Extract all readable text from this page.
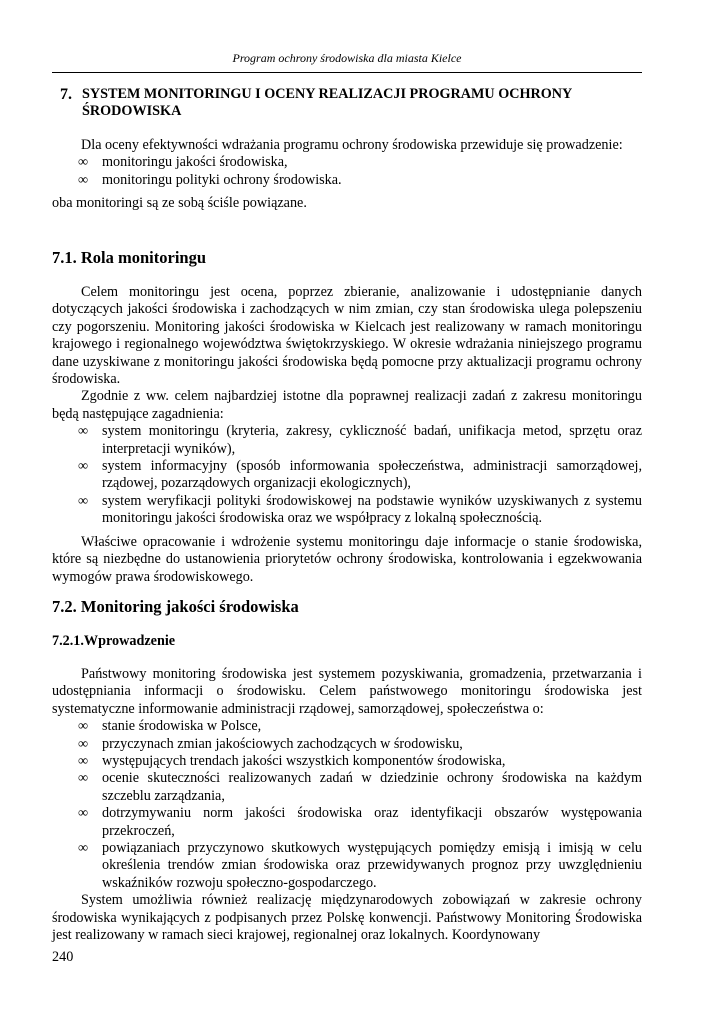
Program ochrony środowiska dla miasta Kielce
7. SYSTEM MONITORINGU I OCENY REALIZACJI PROGRAMU OCHRONY ŚRODOWISKA

Dla oceny efektywności wdrażania programu ochrony środowiska przewiduje się prowadzenie:

∞ monitoringu jakości środowiska,
∞ monitoringu polityki ochrony środowiska.

oba monitoringi są ze sobą ściśle powiązane.

7.1. Rola monitoringu

Celem monitoringu jest ocena, poprzez zbieranie, analizowanie i udostępnianie danych dotyczących jakości środowiska i zachodzących w nim zmian, czy stan środowiska ulega polepszeniu czy pogorszeniu. Monitoring jakości środowiska w Kielcach jest realizowany w ramach monitoringu krajowego i regionalnego województwa świętokrzyskiego. W okresie wdrażania niniejszego programu dane uzyskiwane z monitoringu jakości środowiska będą pomocne przy aktualizacji programu ochrony środowiska.

Zgodnie z ww. celem najbardziej istotne dla poprawnej realizacji zadań z zakresu monitoringu będą następujące zagadnienia:

∞ system monitoringu (kryteria, zakresy, cykliczność badań, unifikacja metod, sprzętu oraz interpretacji wyników),
∞ system informacyjny (sposób informowania społeczeństwa, administracji samorządowej, rządowej, pozarządowych organizacji ekologicznych),
∞ system weryfikacji polityki środowiskowej na podstawie wyników uzyskiwanych z systemu monitoringu jakości środowiska oraz we współpracy z lokalną społecznością.

Właściwe opracowanie i wdrożenie systemu monitoringu daje informacje o stanie środowiska, które są niezbędne do ustanowienia priorytetów ochrony środowiska, kontrolowania i egzekwowania wymogów prawa środowiskowego.

7.2. Monitoring jakości środowiska
7.2.1.Wprowadzenie

Państwowy monitoring środowiska jest systemem pozyskiwania, gromadzenia, przetwarzania i udostępniania informacji o środowisku. Celem państwowego monitoringu środowiska jest systematyczne informowanie administracji rządowej, samorządowej, społeczeństwa o:

∞ stanie środowiska w Polsce,
∞ przyczynach zmian jakościowych zachodzących w środowisku,
∞ występujących trendach jakości wszystkich komponentów środowiska,
∞ ocenie skuteczności realizowanych zadań w dziedzinie ochrony środowiska na każdym szczeblu zarządzania,
∞ dotrzymywaniu norm jakości środowiska oraz identyfikacji obszarów występowania przekroczeń,
∞ powiązaniach przyczynowo skutkowych występujących pomiędzy emisją i imisją w celu określenia trendów zmian środowiska oraz przewidywanych prognoz przy uwzględnieniu wskaźników rozwoju społeczno-gospodarczego.

System umożliwia również realizację międzynarodowych zobowiązań w zakresie ochrony środowiska wynikających z podpisanych przez Polskę konwencji. Państwowy Monitoring Środowiska jest realizowany w ramach sieci krajowej, regionalnej oraz lokalnych. Koordynowany

240
